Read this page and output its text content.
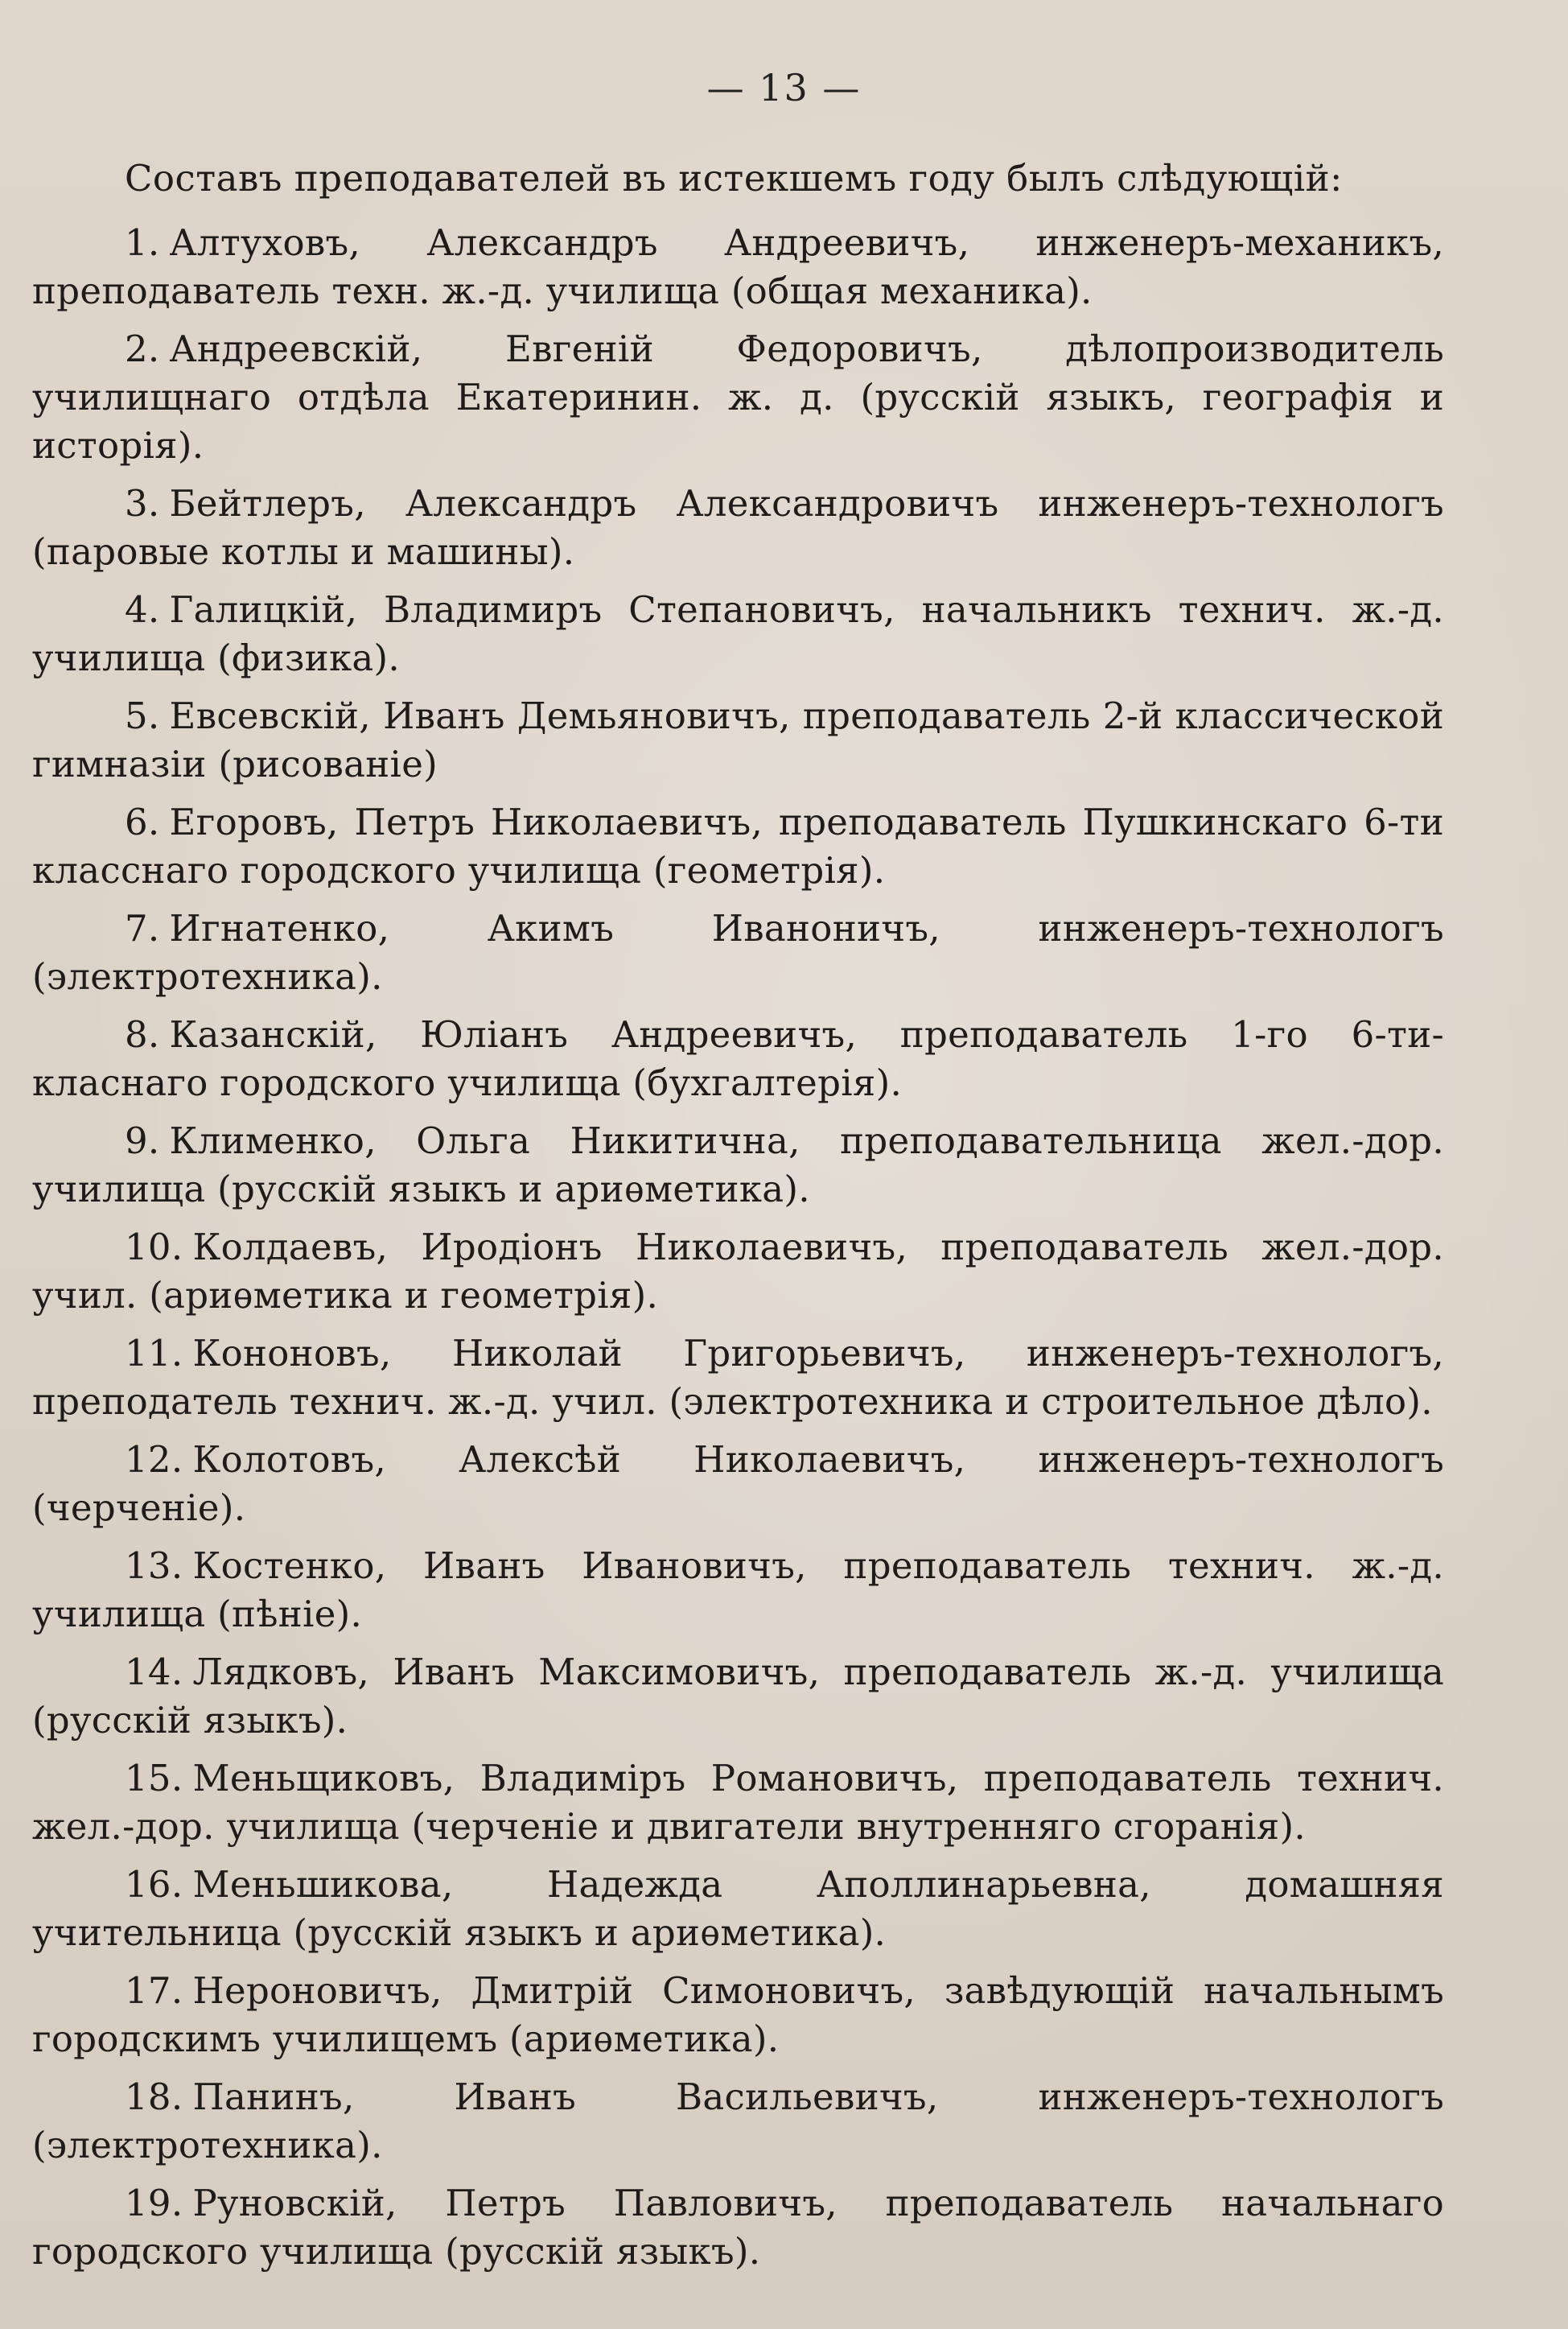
— 13 —

Составъ преподавателей въ истекшемъ году былъ слѣдующій:

1. Алтуховъ, Александръ Андреевичъ, инженеръ-механикъ, преподаватель техн. ж.-д. училища (общая механика).

2. Андреевскій, Евгеній Федоровичъ, дѣлопроизводитель училищнаго отдѣла Екатеринин. ж. д. (русскій языкъ, географія и исторія).

3. Бейтлеръ, Александръ Александровичъ инженеръ-технологъ (паровые котлы и машины).

4. Галицкій, Владимиръ Степановичъ, начальникъ технич. ж.-д. училища (физика).

5. Евсевскій, Иванъ Демьяновичъ, преподаватель 2-й классической гимназіи (рисованіе)

6. Егоровъ, Петръ Николаевичъ, преподаватель Пушкинскаго 6-ти класснаго городского училища (геометрія).

7. Игнатенко, Акимъ Иваноничъ, инженеръ-технологъ (электротехника).

8. Казанскій, Юліанъ Андреевичъ, преподаватель 1-го 6-ти-класнаго городского училища (бухгалтерія).

9. Клименко, Ольга Никитична, преподавательница жел.-дор. училища (русскій языкъ и ариѳметика).

10. Колдаевъ, Иродіонъ Николаевичъ, преподаватель жел.-дор. учил. (ариѳметика и геометрія).

11. Кононовъ, Николай Григорьевичъ, инженеръ-технологъ, преподатель технич. ж.-д. учил. (электротехника и строительное дѣло).

12. Колотовъ, Алексѣй Николаевичъ, инженеръ-технологъ (черченіе).

13. Костенко, Иванъ Ивановичъ, преподаватель технич. ж.-д. училища (пѣніе).

14. Лядковъ, Иванъ Максимовичъ, преподаватель ж.-д. училища (русскій языкъ).

15. Меньщиковъ, Владиміръ Романовичъ, преподаватель технич. жел.-дор. училища (черченіе и двигатели внутренняго сгоранія).

16. Меньшикова, Надежда Аполлинарьевна, домашняя учительница (русскій языкъ и ариѳметика).

17. Нероновичъ, Дмитрій Симоновичъ, завѣдующій начальнымъ городскимъ училищемъ (ариѳметика).

18. Панинъ, Иванъ Васильевичъ, инженеръ-технологъ (электротехника).

19. Руновскій, Петръ Павловичъ, преподаватель начальнаго городского училища (русскій языкъ).
